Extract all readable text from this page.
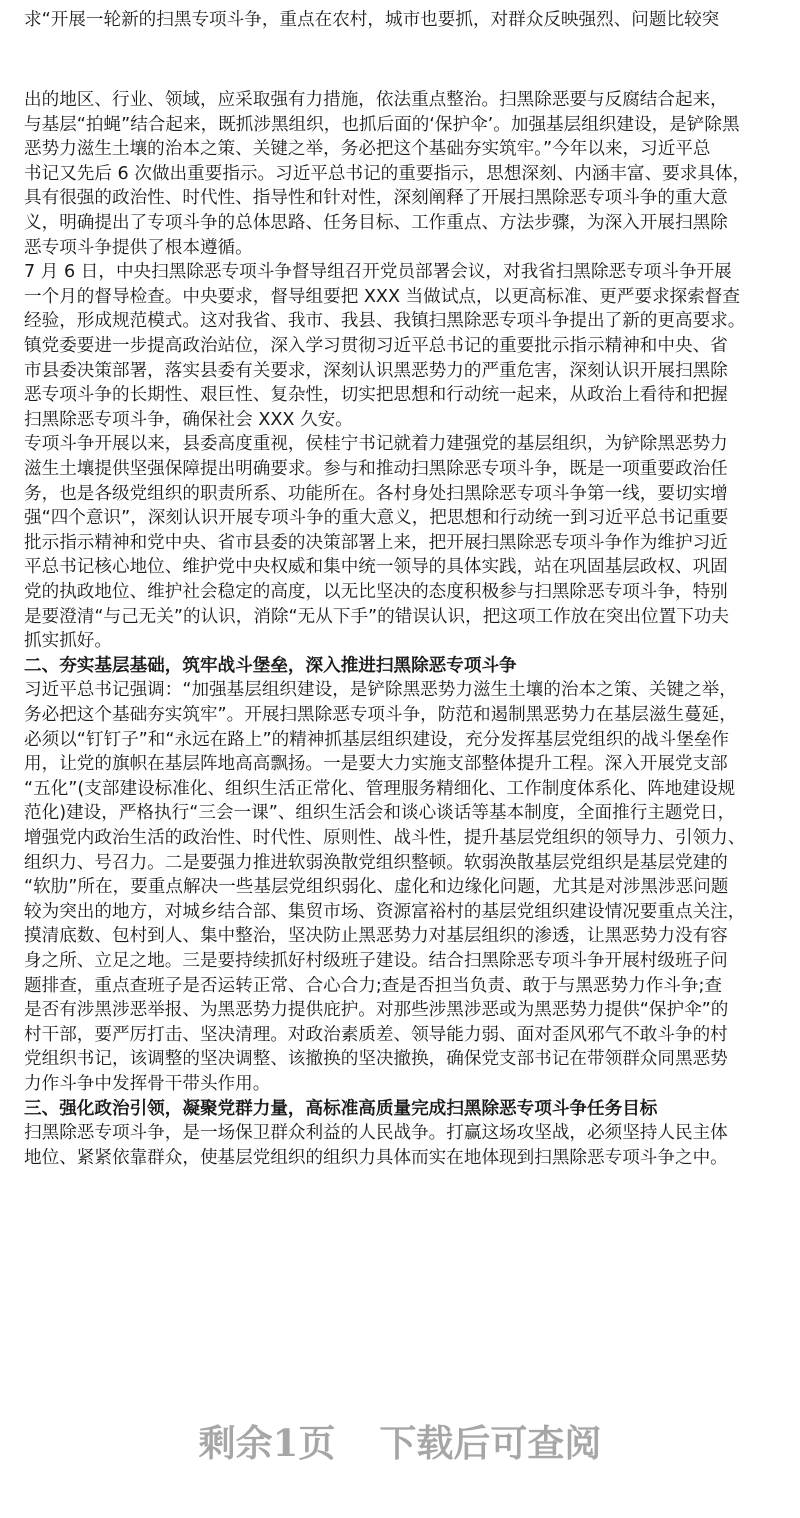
求“开展一轮新的扫黑专项斗争，重点在农村，城市也要抓，对群众反映强烈、问题比较突
出的地区、行业、领域，应采取强有力措施，依法重点整治。扫黑除恶要与反腐结合起来，
与基层“拍蝇”结合起来，既抓涉黑组织，也抓后面的‘保护伞’。加强基层组织建设，是铲除黑
恶势力滋生土壤的治本之策、关键之举，务必把这个基础夯实筑牢。”今年以来，习近平总
书记又先后 6 次做出重要指示。习近平总书记的重要指示，思想深刻、内涵丰富、要求具体，
具有很强的政治性、时代性、指导性和针对性，深刻阐释了开展扫黑除恶专项斗争的重大意
义，明确提出了专项斗争的总体思路、任务目标、工作重点、方法步骤，为深入开展扫黑除
恶专项斗争提供了根本遵循。
7 月 6 日，中央扫黑除恶专项斗争督导组召开党员部署会议，对我省扫黑除恶专项斗争开展
一个月的督导检查。中央要求，督导组要把 XXX 当做试点，以更高标准、更严要求探索督查
经验，形成规范模式。这对我省、我市、我县、我镇扫黑除恶专项斗争提出了新的更高要求。
镇党委要进一步提高政治站位，深入学习贯彻习近平总书记的重要批示指示精神和中央、省
市县委决策部署，落实县委有关要求，深刻认识黑恶势力的严重危害，深刻认识开展扫黑除
恶专项斗争的长期性、艰巨性、复杂性，切实把思想和行动统一起来，从政治上看待和把握
扫黑除恶专项斗争，确保社会 XXX 久安。
专项斗争开展以来，县委高度重视，侯桂宁书记就着力建强党的基层组织，为铲除黑恶势力
滋生土壤提供坚强保障提出明确要求。参与和推动扫黑除恶专项斗争，既是一项重要政治任
务，也是各级党组织的职责所系、功能所在。各村身处扫黑除恶专项斗争第一线，要切实增
强“四个意识”，深刻认识开展专项斗争的重大意义，把思想和行动统一到习近平总书记重要
批示指示精神和党中央、省市县委的决策部署上来，把开展扫黑除恶专项斗争作为维护习近
平总书记核心地位、维护党中央权威和集中统一领导的具体实践，站在巩固基层政权、巩固
党的执政地位、维护社会稳定的高度，以无比坚决的态度积极参与扫黑除恶专项斗争，特别
是要澄清“与己无关”的认识，消除“无从下手”的错误认识，把这项工作放在突出位置下功夫
抓实抓好。
二、夯实基层基础，筑牢战斗堡垒，深入推进扫黑除恶专项斗争
习近平总书记强调：“加强基层组织建设，是铲除黑恶势力滋生土壤的治本之策、关键之举，
务必把这个基础夯实筑牢”。开展扫黑除恶专项斗争，防范和遏制黑恶势力在基层滋生蔓延，
必须以“钉钉子”和“永远在路上”的精神抓基层组织建设，充分发挥基层党组织的战斗堡垒作
用，让党的旗帜在基层阵地高高飘扬。一是要大力实施支部整体提升工程。深入开展党支部
“五化”(支部建设标准化、组织生活正常化、管理服务精细化、工作制度体系化、阵地建设规
范化)建设，严格执行“三会一课”、组织生活会和谈心谈话等基本制度，全面推行主题党日，
增强党内政治生活的政治性、时代性、原则性、战斗性，提升基层党组织的领导力、引领力、
组织力、号召力。二是要强力推进软弱涣散党组织整顿。软弱涣散基层党组织是基层党建的
“软肋”所在，要重点解决一些基层党组织弱化、虚化和边缘化问题，尤其是对涉黑涉恶问题
较为突出的地方，对城乡结合部、集贸市场、资源富裕村的基层党组织建设情况要重点关注，
摸清底数、包村到人、集中整治，坚决防止黑恶势力对基层组织的渗透，让黑恶势力没有容
身之所、立足之地。三是要持续抓好村级班子建设。结合扫黑除恶专项斗争开展村级班子问
题排查，重点查班子是否运转正常、合心合力;查是否担当负责、敢于与黑恶势力作斗争;查
是否有涉黑涉恶举报、为黑恶势力提供庇护。对那些涉黑涉恶或为黑恶势力提供“保护伞”的
村干部，要严厉打击、坚决清理。对政治素质差、领导能力弱、面对歪风邪气不敢斗争的村
党组织书记，该调整的坚决调整、该撤换的坚决撤换，确保党支部书记在带领群众同黑恶势
力作斗争中发挥骨干带头作用。
三、强化政治引领，凝聚党群力量，高标准高质量完成扫黑除恶专项斗争任务目标
扫黑除恶专项斗争，是一场保卫群众利益的人民战争。打赢这场攻坚战，必须坚持人民主体
地位、紧紧依靠群众，使基层党组织的组织力具体而实在地体现到扫黑除恶专项斗争之中。
剩余1页 下载后可查阅
